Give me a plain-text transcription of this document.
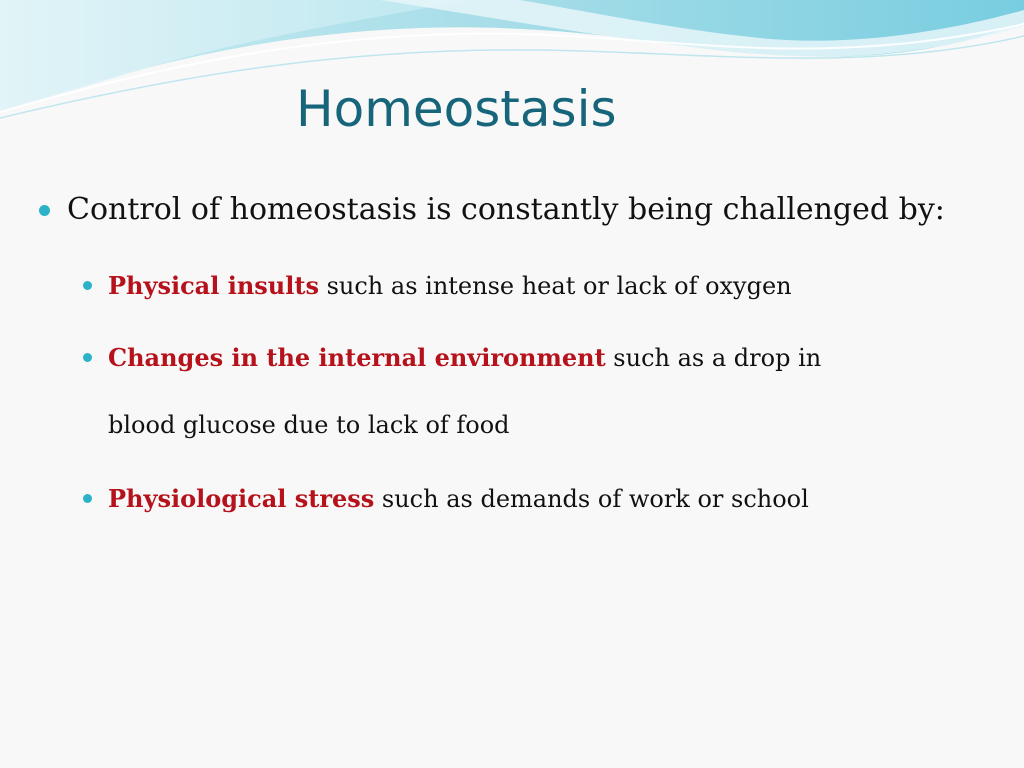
Homeostasis
Control of homeostasis is constantly being challenged by:
Physical insults such as intense heat or lack of oxygen
Changes in the internal environment such as a drop in
blood glucose due to lack of food
Physiological stress such as demands of work or school
